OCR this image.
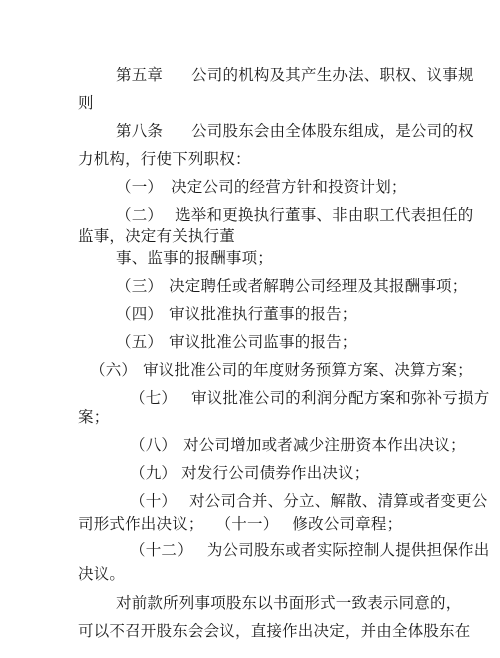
第五章 公司的机构及其产生办法、职权、议事规
则
第八条 公司股东会由全体股东组成，是公司的权
力机构，行使下列职权：
（一） 决定公司的经营方针和投资计划；
（二） 选举和更换执行董事、非由职工代表担任的
监事，决定有关执行董
事、监事的报酬事项；
（三） 决定聘任或者解聘公司经理及其报酬事项；
（四） 审议批准执行董事的报告；
（五） 审议批准公司监事的报告；
（六） 审议批准公司的年度财务预算方案、决算方案；
（七） 审议批准公司的利润分配方案和弥补亏损方
案；
（八） 对公司增加或者减少注册资本作出决议；
（九） 对发行公司债券作出决议；
（十） 对公司合并、分立、解散、清算或者变更公
司形式作出决议； （十一） 修改公司章程；
（十二） 为公司股东或者实际控制人提供担保作出
决议。
对前款所列事项股东以书面形式一致表示同意的，
可以不召开股东会会议，直接作出决定，并由全体股东在
